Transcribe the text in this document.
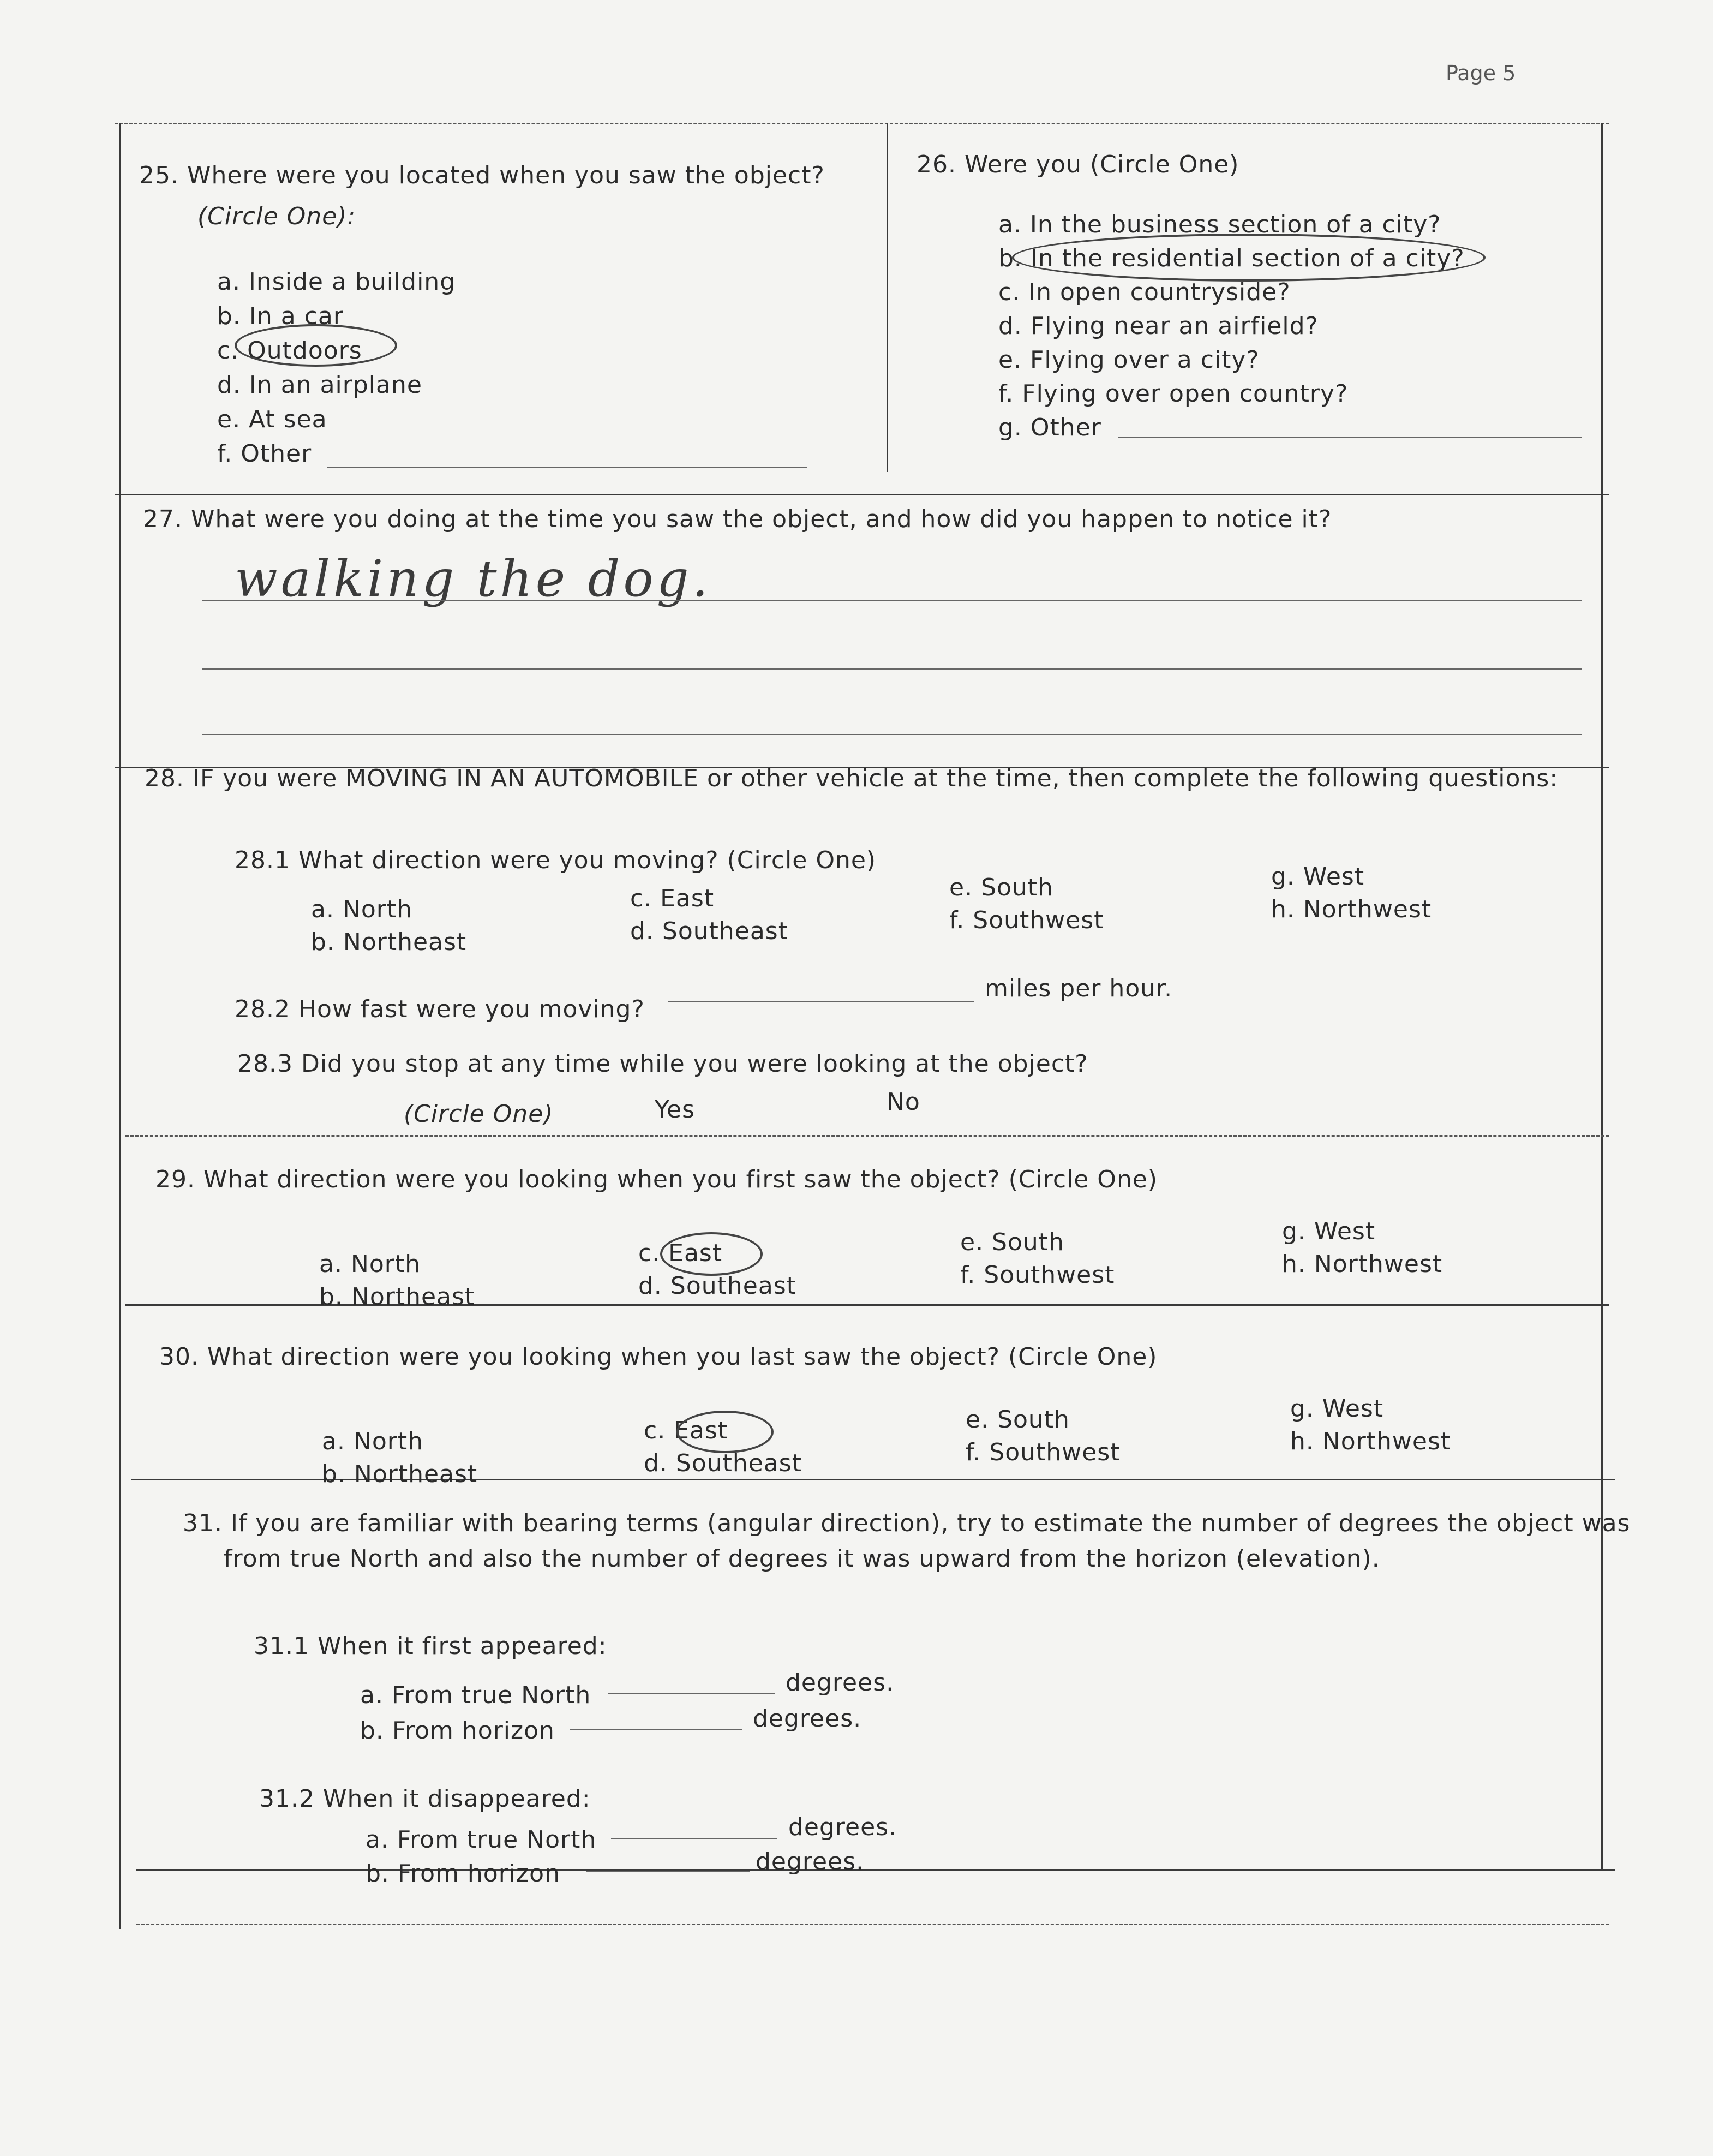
Page 5
25. Where were you located when you saw the object?
(Circle One):
a. Inside a building
b. In a car
c. Outdoors
d. In an airplane
e. At sea
f. Other
26. Were you (Circle One)
a. In the business section of a city?
b. In the residential section of a city?
c. In open countryside?
d. Flying near an airfield?
e. Flying over a city?
f. Flying over open country?
g. Other
27. What were you doing at the time you saw the object, and how did you happen to notice it?
walking the dog.
28. IF you were MOVING IN AN AUTOMOBILE or other vehicle at the time, then complete the following questions:
28.1 What direction were you moving? (Circle One)
a. North
b. Northeast
c. East
d. Southeast
e. South
f. Southwest
g. West
h. Northwest
28.2 How fast were you moving?
miles per hour.
28.3 Did you stop at any time while you were looking at the object?
(Circle One)	Yes	No
29. What direction were you looking when you first saw the object? (Circle One)
a. North
b. Northeast
c. East
d. Southeast
e. South
f. Southwest
g. West
h. Northwest
30. What direction were you looking when you last saw the object? (Circle One)
a. North
b. Northeast
c. East
d. Southeast
e. South
f. Southwest
g. West
h. Northwest
31. If you are familiar with bearing terms (angular direction), try to estimate the number of degrees the object was
from true North and also the number of degrees it was upward from the horizon (elevation).
31.1 When it first appeared:
a. From true North	degrees.
b. From horizon	degrees.
31.2 When it disappeared:
a. From true North	degrees.
b. From horizon	degrees.
